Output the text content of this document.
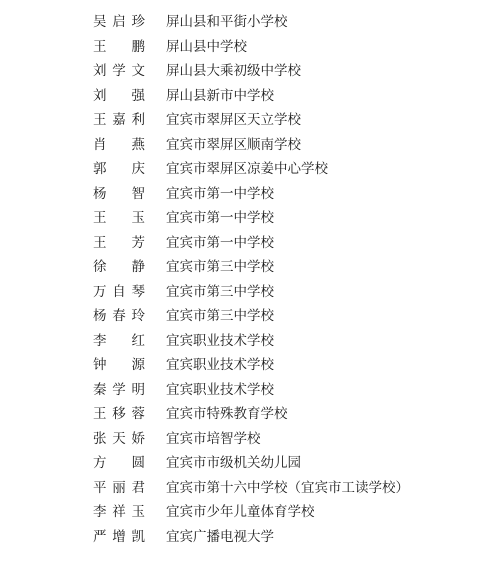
吴启珍 屏山县和平街小学校
王鹏 屏山县中学校
刘学文 屏山县大乘初级中学校
刘强 屏山县新市中学校
王嘉利 宜宾市翠屏区天立学校
肖燕 宜宾市翠屏区顺南学校
郭庆 宜宾市翠屏区凉姜中心学校
杨智 宜宾市第一中学校
王玉 宜宾市第一中学校
王芳 宜宾市第一中学校
徐静 宜宾市第三中学校
万自琴 宜宾市第三中学校
杨春玲 宜宾市第三中学校
李红 宜宾职业技术学校
钟源 宜宾职业技术学校
秦学明 宜宾职业技术学校
王移蓉 宜宾市特殊教育学校
张天娇 宜宾市培智学校
方圆 宜宾市市级机关幼儿园
平丽君 宜宾市第十六中学校（宜宾市工读学校）
李祥玉 宜宾市少年儿童体育学校
严增凯 宜宾广播电视大学
